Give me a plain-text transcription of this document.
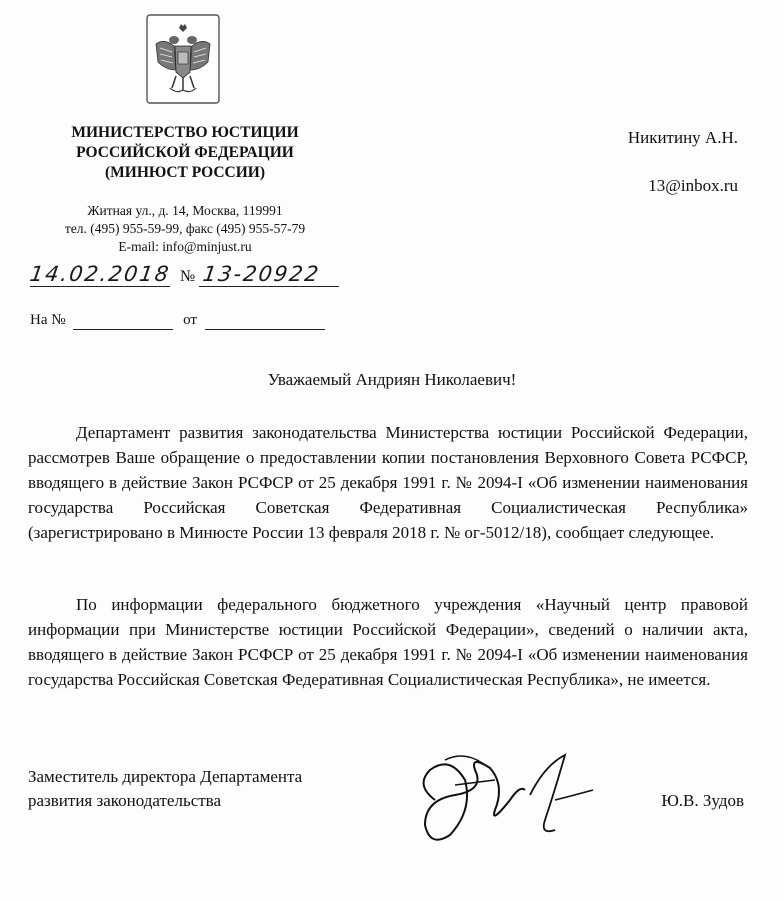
МИНИСТЕРСТВО ЮСТИЦИИ
РОССИЙСКОЙ ФЕДЕРАЦИИ
(МИНЮСТ РОССИИ)
Житная ул., д. 14, Москва, 119991
тел. (495) 955-59-99, факс (495) 955-57-79
E-mail: info@minjust.ru
14.02.2018 № 13-20922
На №	от
Никитину А.Н.
13@inbox.ru
Уважаемый Андриян Николаевич!
Департамент развития законодательства Министерства юстиции Российской Федерации, рассмотрев Ваше обращение о предоставлении копии постановления Верховного Совета РСФСР, вводящего в действие Закон РСФСР от 25 декабря 1991 г. № 2094-I «Об изменении наименования государства Российская Советская Федеративная Социалистическая Республика» (зарегистрировано в Минюсте России 13 февраля 2018 г. № ог-5012/18), сообщает следующее.
По информации федерального бюджетного учреждения «Научный центр правовой информации при Министерстве юстиции Российской Федерации», сведений о наличии акта, вводящего в действие Закон РСФСР от 25 декабря 1991 г. № 2094-I «Об изменении наименования государства Российская Советская Федеративная Социалистическая Республика», не имеется.
Заместитель директора Департамента
развития законодательства	Ю.В. Зудов
